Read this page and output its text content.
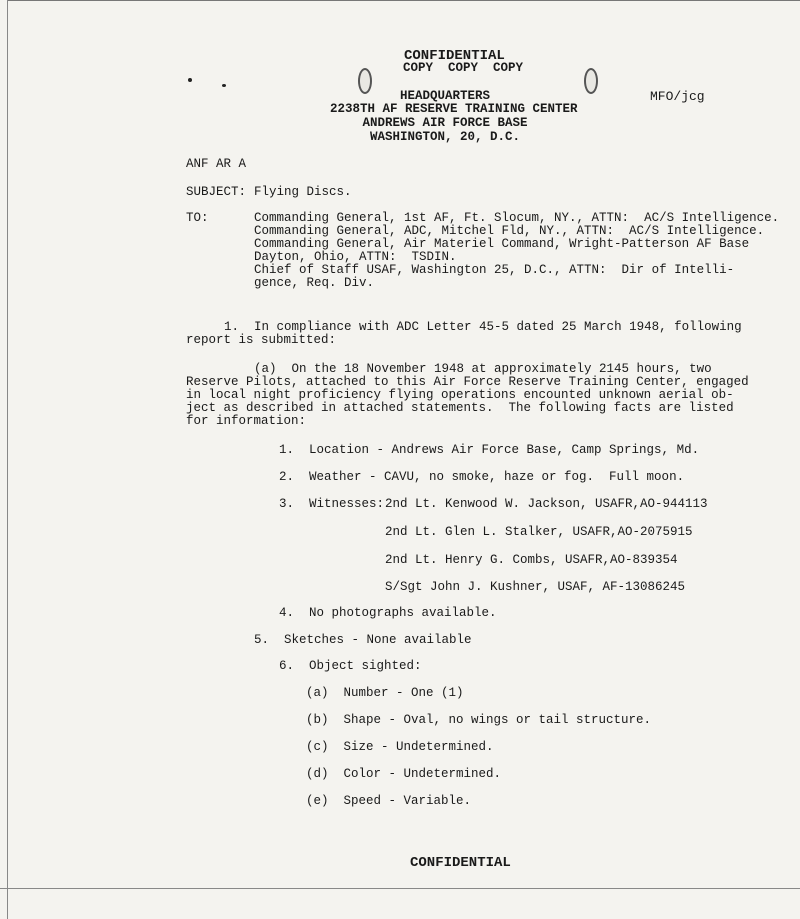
CONFIDENTIAL
COPY  COPY  COPY
MFO/jcg
HEADQUARTERS
2238TH AF RESERVE TRAINING CENTER
ANDREWS AIR FORCE BASE
WASHINGTON, 20, D.C.
ANF AR A
SUBJECT: Flying Discs.
TO:	Commanding General, 1st AF, Ft. Slocum, NY., ATTN:  AC/S Intelligence.
Commanding General, ADC, Mitchel Fld, NY., ATTN:  AC/S Intelligence.
Commanding General, Air Materiel Command, Wright-Patterson AF Base
Dayton, Ohio, ATTN:  TSDIN.
Chief of Staff USAF, Washington 25, D.C., ATTN:  Dir of Intelli-
gence, Req. Div.
1.  In compliance with ADC Letter 45-5 dated 25 March 1948, following
report is submitted:
(a)  On the 18 November 1948 at approximately 2145 hours, two
Reserve Pilots, attached to this Air Force Reserve Training Center, engaged
in local night proficiency flying operations encounted unknown aerial ob-
ject as described in attached statements.  The following facts are listed
for information:
1.  Location - Andrews Air Force Base, Camp Springs, Md.
2.  Weather - CAVU, no smoke, haze or fog.  Full moon.
3.  Witnesses: 2nd Lt. Kenwood W. Jackson, USAFR,AO-944113
2nd Lt. Glen L. Stalker, USAFR,AO-2075915
2nd Lt. Henry G. Combs, USAFR,AO-839354
S/Sgt John J. Kushner, USAF, AF-13086245
4.  No photographs available.
5.  Sketches - None available
6.  Object sighted:
(a)  Number - One (1)
(b)  Shape - Oval, no wings or tail structure.
(c)  Size - Undetermined.
(d)  Color - Undetermined.
(e)  Speed - Variable.
CONFIDENTIAL
